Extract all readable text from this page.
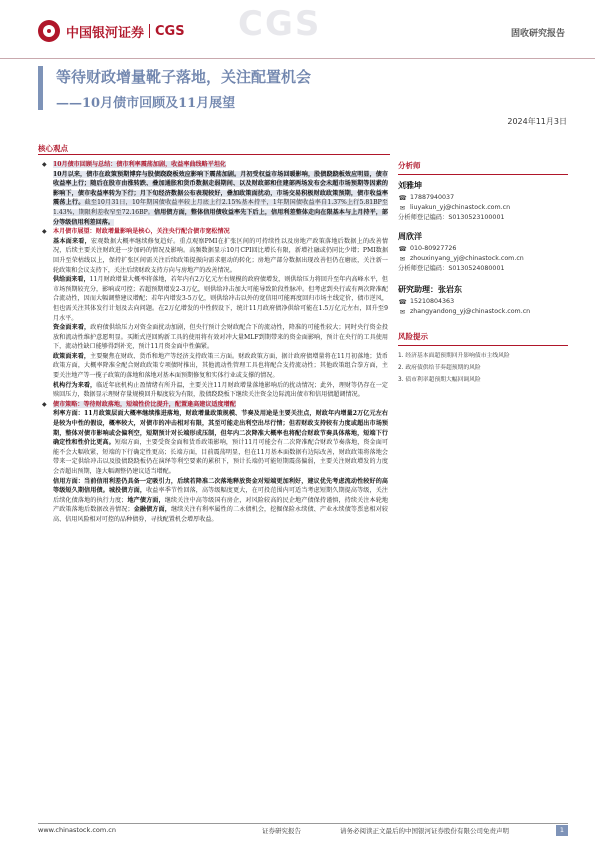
中国银河证券 CGS CGS	固收研究报告
等待财政增量靴子落地，关注配置机会
——10月债市回顾及11月展望
2024年11月3日
核心观点
◆ 10月债市回顾与总结：债市利率震荡加剧，收益率曲线略平坦化
10月以来，债市在政策预期博弈与股债跷跷板效应影响下震荡加剧。月初受权益市场回暖影响，股债跷跷板效应明显，债市收益率上行；随后在股市由涨转跌、叠加通胀和货币数据走弱期间、以及财政部和住建部两场发布会未超市场预期等因素的影响下，债市收益率转为下行；月下旬经济数据公布表现较好，叠加政策面扰动，市场交易积极财政政策预期，债市收益率震荡上行。截至10月31日，10年期国债收益率较上月底上行2.15%基本持平，1年期国债收益率自1.37%上行5.81BP至1.43%，期限利差收窄至72.16BP。信用债方面，整体信用债收益率先下后上，信用利差整体走向在限基本与上月持平，部分等级信用利差回落。

◆ 本月债市展望：财政增量影响是核心，关注央行配合债市宽松情况

基本面来看，宏观数据大概率继续修复趋好。重点观察PMI在扩张区间的可持续性以及房地产政策落地后数据上的改善情况，后续主要关注财政进一步加码的情况及影响。高频数据显示10月CPI回比增长有限，新增社融或仍同比少增；PMI数据回升至荣枯线以上，保持扩张区间需关注后续政策提振向需求驱动的转化；房地产部分数据出现改善但仍在磨底，关注新一轮政策和会议支持下，关注后续财政支持方向与房地产的改善情况。

供给面来看，11月财政增量大概率将落地，若年内有2万亿元左右规模的政府债增发，则供给压力将回升至年内高峰水平，但市场预期较充分，影响或可控；若超预期增发2-3万亿，则供给冲击加大可能导致阶段性脉冲。但考虑到央行或有两次降准配合流动性，因而大幅调整建议增配；若年内增发3-5万亿，则供给冲击以外的宽信用可能再度回归市场主线定价，债市逆风，但也需关注其体发行计划及去向问题。在2万亿增发的中性假设下，统计11月政府债净供给可能在1.5万亿元左右，回升至9月水平。

资金面来看，政府债供给压力对资金面扰动加剧，但央行预计会财政配合下的流动性，降准的可能性较大；同时央行资金投放和流动性维护意愿明显。买断式逆回购新工具的使用将有效对冲大量MLF到期带来的资金面影响，预计在央行的工具使用下，流动性缺口能够得到补充，预计11月资金面中性偏紧。

政策面来看，主要聚焦在财政、货币和地产等经济支持政策三方面。财政政策方面，据计政府债增量将在11月初落地；货币政策方面，大概率降准全配合财政政策专项债时推出，其他流动性管理工具也将配合支持流动性；其他政策组合拳方面，主要关注地产等一揽子政策的落地和落地对基本面预期修复和实体行业或支撑的情况。

机构行为来看，临近年底机构止盈情绪有所升温，主要关注11月财政增量落地影响后的扰动情况；此外，理财等仍存在一定赎回压力，数据显示理财存量规模回升幅度较为有限，股债跷跷板下继续关注资金边际流出债市和信用债超调情况。

◆ 债市策略：等待财政落地，短端性价比提升，配置逢高建议适度增配

利率方面：11月政策层面大概率继续推进落地，财政增量政策规模、节奏及用途是主要关注点，财政年内增量2万亿元左右是较为中性的假设，概率较大，对债市的冲击相对有限，其至可能走出利空出尽行情；但若财政支持较有力度或超出市场预期，整体对债市影响或会偏利空，短期预计对长端形成压制，但年内二次降准大概率也将配合财政节奏具体落地，短端下行确定性和性价比更高。短端方面，主要受资金面和货币政策影响，预计11月可能会有二次降准配合财政节奏落地，资金面可能不会大幅收紧，短端的下行确定性更高；长端方面，目前震荡明显，但在11月基本面数据有边际改善，财政政策将落地会带来一定供给冲击以及股债跷跷板仍在演绎等利空要素的累积下，预计长端仍可能短期震荡偏弱，主要关注财政增发的力度会否超出预期，逢大幅调整仍建议适当增配。

信用方面：当前信用利差仍具备一定吸引力，后续若降准二次落地释放资金对短端更加利好，建议优先考虑流动性较好的高等级短久期信用债。城投债方面，收益率季节性回落，高等级幅度更大，在可投范围内可适当考虑短期久期提高等级，关注后续化债落地的执行力度；地产债方面，继续关注中高等级国有房企，对风险较高的民企地产债保持谨慎，持续关注本轮地产政策落地后数据改善情况；金融债方面，继续关注有利率属性的二永债机会，挖掘保险永续债、产业永续债等票息相对较高、信用风险相对可控的品种债券，寻找配置机会增厚收益。

分析师
刘雅坤
☎ 17887940037
✉ liuyakun_yj@chinastock.com.cn
分析师登记编码：S0130523100001
周欣洋
☎ 010-80927726
✉ zhouxinyang_yj@chinastock.com.cn
分析师登记编码：S0130524080001
研究助理：张岩东
☎ 15210804363
✉ zhangyandong_yj@chinastock.com.cn
风险提示
1. 经济基本面超预期回升影响债市主线风险
2. 政府债供给节奏超预期的风险
3. 债市利率超预期大幅回调风险
www.chinastock.com.cn	证券研究报告	请务必阅读正文最后的中国银河证券股份有限公司免责声明	1
